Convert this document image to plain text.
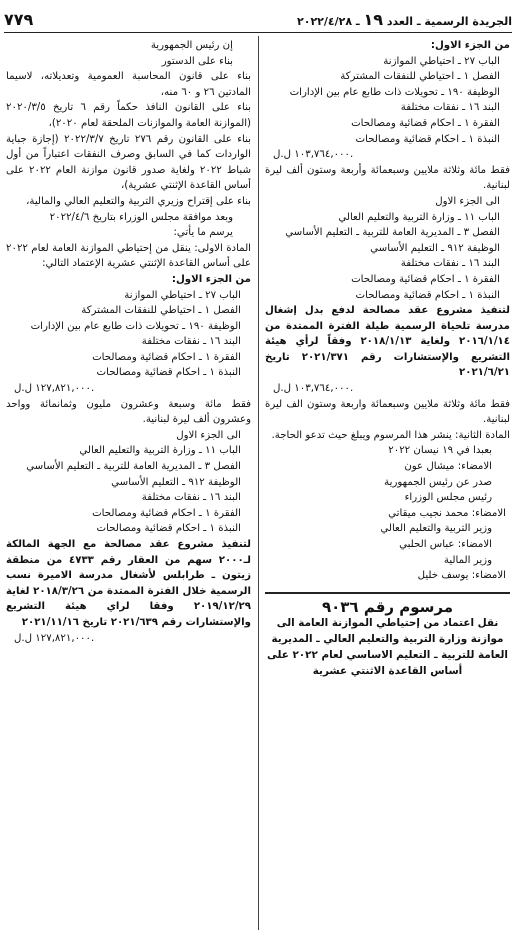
الجريدة الرسمية ـ العدد ١٩ ـ ٢٠٢٢/٤/٢٨
٧٧٩

من الجزء الاول:

الباب ٢٧ ـ احتياطي الموازنة

الفصل ١ ـ احتياطي للنفقات المشتركة

الوظيفة ١٩٠ ـ تحويلات ذات طابع عام بين الإدارات

البند ١٦ ـ نفقات مختلفة

الفقرة ١ ـ احكام قضائية ومصالحات

النبذة ١ ـ احكام قضائية ومصالحات

١٠٣,٧٦٤,٠٠٠ ل.ل.

فقط مائة وثلاثة ملايين وسبعمائة وأربعة وستون ألف ليرة لبنانية.

الى الجزء الاول

الباب ١١ ـ وزارة التربية والتعليم العالي

الفصل ٣ ـ المديرية العامة للتربية ـ التعليم الأساسي

الوظيفة ٩١٢ ـ التعليم الأساسي

البند ١٦ ـ نفقات مختلفة

الفقرة ١ ـ احكام قضائية ومصالحات

النبذة ١ ـ احكام قضائية ومصالحات

لتنفيذ مشروع عقد مصالحة لدفع بدل إشغال مدرسة تلحياة الرسمية طيلة الفترة الممتدة من ٢٠١٦/١/١٤ ولغاية ٢٠١٨/١/١٣ وفقاً لرأي هيئة التشريع والإستشارات رقم ٢٠٢١/٣٧١ تاريخ ٢٠٢١/٦/٢١

١٠٣,٧٦٤,٠٠٠ ل.ل.

فقط مائة وثلاثة ملايين وسبعمائة واربعة وستون الف ليرة لبنانية.

المادة الثانية: ينشر هذا المرسوم ويبلغ حيث تدعو الحاجة.

بعبدا في ١٩ نيسان ٢٠٢٢

الامضاء: ميشال عون

صدر عن رئيس الجمهورية

رئيس مجلس الوزراء

الامضاء: محمد نجيب ميقاتي

وزير التربية والتعليم العالي

الامضاء: عباس الحلبي

وزير المالية

الامضاء: يوسف خليل

مرسوم رقم ٩٠٣٦

نقل اعتماد من إحتياطي الموازنة العامة الى موازنة وزارة التربية والتعليم العالي ـ المديرية العامة للتربية ـ التعليم الاساسي لعام ٢٠٢٢ على أساس القاعدة الاثنتي عشرية

إن رئيس الجمهورية

بناء على الدستور

بناء على قانون المحاسبة العمومية وتعديلاته، لاسيما المادتين ٢٦ و ٦٠ منه،

بناء على القانون النافذ حكماً رقم ٦ تاريخ ٢٠٢٠/٣/٥ (الموازنة العامة والموازنات الملحقة لعام ٢٠٢٠)،

بناء على القانون رقم ٢٧٦ تاريخ ٢٠٢٢/٣/٧ (إجازة جباية الواردات كما في السابق وصرف النفقات اعتباراً من أول شباط ٢٠٢٢ ولغاية صدور قانون موازنة العام ٢٠٢٢ على أساس القاعدة الإثنتي عشرية)،

بناء على إقتراح وزيري التربية والتعليم العالي والمالية،

وبعد موافقة مجلس الوزراء بتاريخ ٢٠٢٢/٤/٦

يرسم ما يأتي:

المادة الاولى: ينقل من إحتياطي الموازنة العامة لعام ٢٠٢٢ على أساس القاعدة الإثنتي عشرية الإعتماد التالي:

من الجزء الاول:

الباب ٢٧ ـ احتياطي الموازنة

الفصل ١ ـ احتياطي للنفقات المشتركة

الوظيفة ١٩٠ ـ تحويلات ذات طابع عام بين الإدارات

البند ١٦ ـ نفقات مختلفة

الفقرة ١ ـ احكام قضائية ومصالحات

النبذة ١ ـ احكام قضائية ومصالحات

١٢٧,٨٢١,٠٠٠ ل.ل.

فقط مائة وسبعة وعشرون مليون وثمانمائة وواحد وعشرون ألف ليرة لبنانية.

الى الجزء الاول

الباب ١١ ـ وزارة التربية والتعليم العالي

الفصل ٣ ـ المديرية العامة للتربية ـ التعليم الأساسي

الوظيفة ٩١٢ ـ التعليم الأساسي

البند ١٦ ـ نفقات مختلفة

الفقرة ١ ـ احكام قضائية ومصالحات

النبذة ١ ـ احكام قضائية ومصالحات

لتنفيذ مشروع عقد مصالحة مع الجهة المالكة لـ٢٠٠٠ سهم من العقار رقم ٤٧٣٣ من منطقة زيتون ـ طرابلس لأشغال مدرسة الاميرة نسب الرسمية خلال الفترة الممتدة من ٢٠١٨/٣/٢٦ لغاية ٢٠١٩/١٢/٢٩ وفقا لراي هيئة التشريع والإستشارات رقم ٢٠٢١/٦٣٩ تاريخ ٢٠٢١/١١/١٦

١٢٧,٨٢١,٠٠٠ ل.ل.
